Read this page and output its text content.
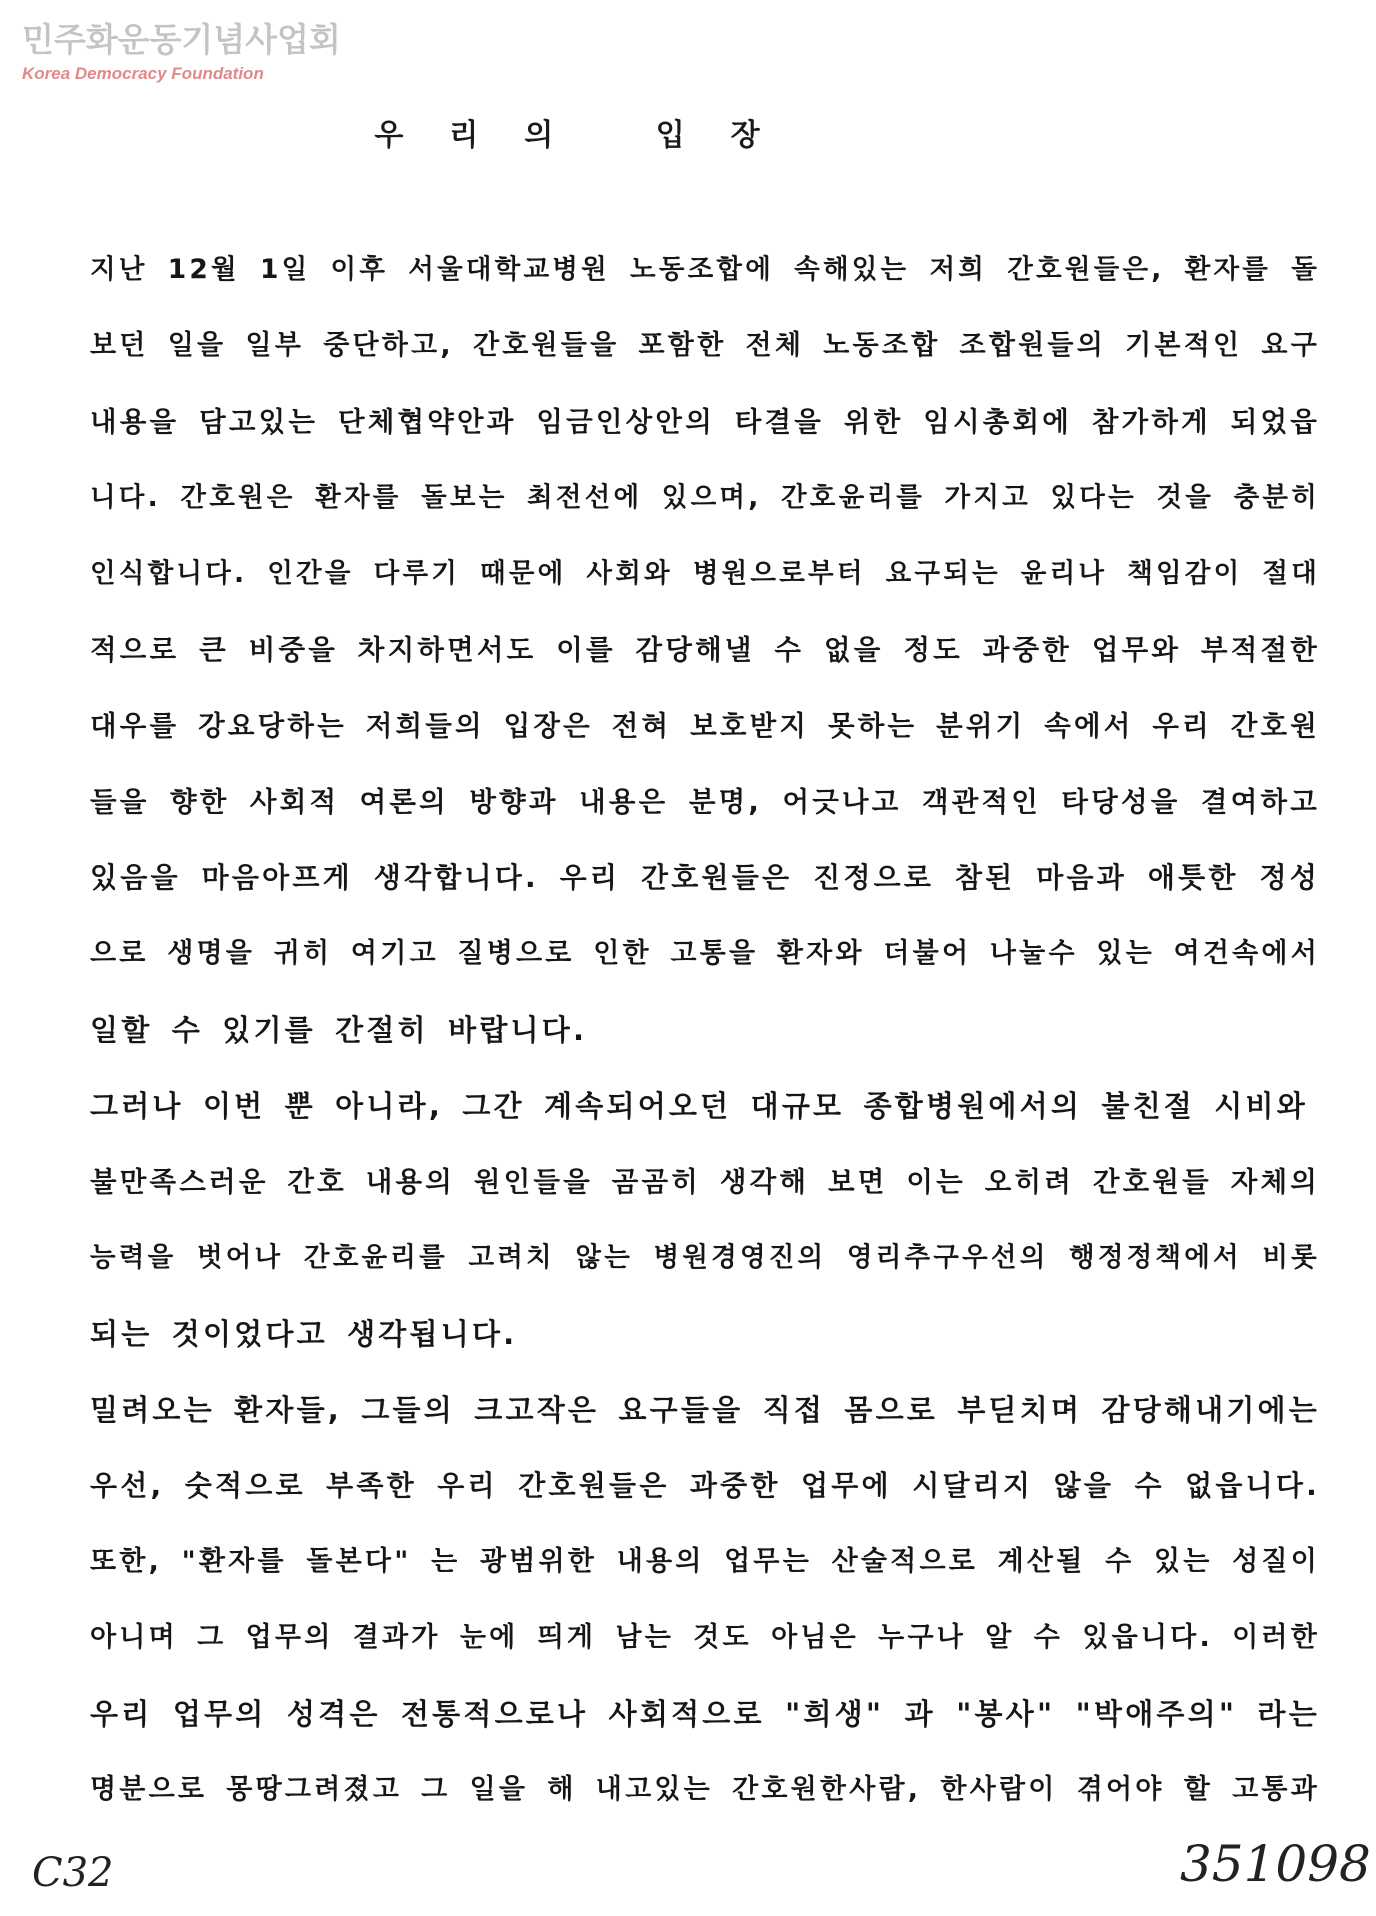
민주화운동기념사업회
Korea Democracy Foundation
우리의 입장
지난 12월 1일 이후 서울대학교병원 노동조합에 속해있는 저희 간호원들은, 환자를 돌
보던 일을 일부 중단하고, 간호원들을 포함한 전체 노동조합 조합원들의 기본적인 요구
내용을 담고있는 단체협약안과 임금인상안의 타결을 위한 임시총회에 참가하게 되었읍
니다. 간호원은 환자를 돌보는 최전선에 있으며, 간호윤리를 가지고 있다는 것을 충분히
인식합니다. 인간을 다루기 때문에 사회와 병원으로부터 요구되는 윤리나 책임감이 절대
적으로 큰 비중을 차지하면서도 이를 감당해낼 수 없을 정도 과중한 업무와 부적절한
대우를 강요당하는 저희들의 입장은 전혀 보호받지 못하는 분위기 속에서 우리 간호원
들을 향한 사회적 여론의 방향과 내용은 분명, 어긋나고 객관적인 타당성을 결여하고
있음을 마음아프게 생각합니다. 우리 간호원들은 진정으로 참된 마음과 애틋한 정성
으로 생명을 귀히 여기고 질병으로 인한 고통을 환자와 더불어 나눌수 있는 여건속에서
일할 수 있기를 간절히 바랍니다.
그러나 이번 뿐 아니라, 그간 계속되어오던 대규모 종합병원에서의 불친절 시비와
불만족스러운 간호 내용의 원인들을 곰곰히 생각해 보면 이는 오히려 간호원들 자체의
능력을 벗어나 간호윤리를 고려치 않는 병원경영진의 영리추구우선의 행정정책에서 비롯
되는 것이었다고 생각됩니다.
밀려오는 환자들, 그들의 크고작은 요구들을 직접 몸으로 부딛치며 감당해내기에는
우선, 숫적으로 부족한 우리 간호원들은 과중한 업무에 시달리지 않을 수 없읍니다.
또한, "환자를 돌본다" 는 광범위한 내용의 업무는 산술적으로 계산될 수 있는 성질이
아니며 그 업무의 결과가 눈에 띄게 남는 것도 아님은 누구나 알 수 있읍니다. 이러한
우리 업무의 성격은 전통적으로나 사회적으로 "희생" 과 "봉사" "박애주의" 라는
명분으로 몽땅그려졌고 그 일을 해 내고있는 간호원한사람, 한사람이 겪어야 할 고통과
C32	351098
